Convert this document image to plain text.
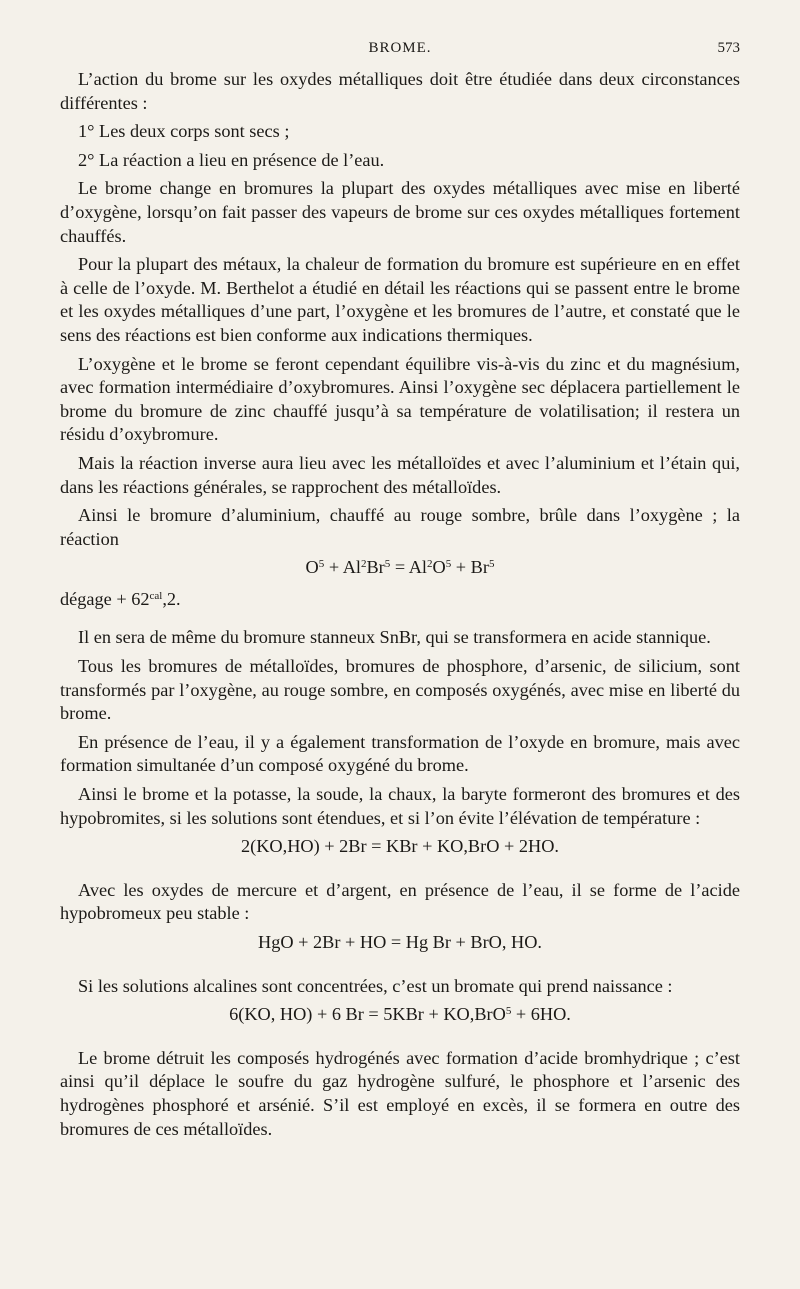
BROME.	573

L’action du brome sur les oxydes métalliques doit être étudiée dans deux circonstances différentes :

1° Les deux corps sont secs ;

2° La réaction a lieu en présence de l’eau.

Le brome change en bromures la plupart des oxydes métalliques avec mise en liberté d’oxygène, lorsqu’on fait passer des vapeurs de brome sur ces oxydes métalliques fortement chauffés.

Pour la plupart des métaux, la chaleur de formation du bromure est supérieure en en effet à celle de l’oxyde. M. Berthelot a étudié en détail les réactions qui se passent entre le brome et les oxydes métalliques d’une part, l’oxygène et les bromures de l’autre, et constaté que le sens des réactions est bien conforme aux indications thermiques.

L’oxygène et le brome se feront cependant équilibre vis-à-vis du zinc et du magnésium, avec formation intermédiaire d’oxybromures. Ainsi l’oxygène sec déplacera partiellement le brome du bromure de zinc chauffé jusqu’à sa température de volatilisation; il restera un résidu d’oxybromure.

Mais la réaction inverse aura lieu avec les métalloïdes et avec l’aluminium et l’étain qui, dans les réactions générales, se rapprochent des métalloïdes.

Ainsi le bromure d’aluminium, chauffé au rouge sombre, brûle dans l’oxygène ; la réaction

$O^5 + Al^2Br^5 = Al^2O^5 + Br^5$

dégage + $62^{cal},2$.

Il en sera de même du bromure stanneux SnBr, qui se transformera en acide stannique.

Tous les bromures de métalloïdes, bromures de phosphore, d’arsenic, de silicium, sont transformés par l’oxygène, au rouge sombre, en composés oxygénés, avec mise en liberté du brome.

En présence de l’eau, il y a également transformation de l’oxyde en bromure, mais avec formation simultanée d’un composé oxygéné du brome.

Ainsi le brome et la potasse, la soude, la chaux, la baryte formeront des bromures et des hypobromites, si les solutions sont étendues, et si l’on évite l’élévation de température :

2(KO,HO) + 2Br = KBr + KO,BrO + 2HO.

Avec les oxydes de mercure et d’argent, en présence de l’eau, il se forme de l’acide hypobromeux peu stable :

HgO + 2Br + HO = Hg Br + BrO, HO.

Si les solutions alcalines sont concentrées, c’est un bromate qui prend naissance :

6(KO, HO) + 6 Br = 5KBr + KO,BrO$^5$ + 6HO.

Le brome détruit les composés hydrogénés avec formation d’acide bromhydrique ; c’est ainsi qu’il déplace le soufre du gaz hydrogène sulfuré, le phosphore et l’arsenic des hydrogènes phosphoré et arsénié. S’il est employé en excès, il se formera en outre des bromures de ces métalloïdes.
